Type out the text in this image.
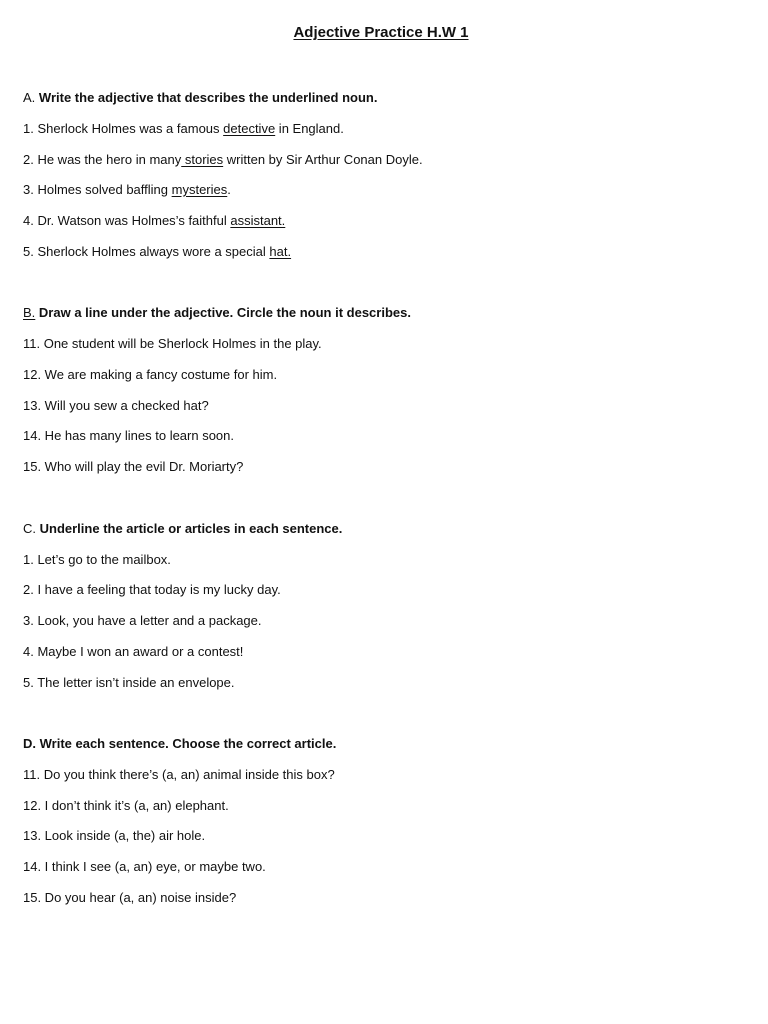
Adjective Practice H.W 1

A. Write the adjective that describes the underlined noun.

1. Sherlock Holmes was a famous detective in England.

2. He was the hero in many stories written by Sir Arthur Conan Doyle.

3. Holmes solved baffling mysteries.

4. Dr. Watson was Holmes’s faithful assistant.

5. Sherlock Holmes always wore a special hat.

B. Draw a line under the adjective. Circle the noun it describes.

11. One student will be Sherlock Holmes in the play.

12. We are making a fancy costume for him.

13. Will you sew a checked hat?

14. He has many lines to learn soon.

15. Who will play the evil Dr. Moriarty?

C. Underline the article or articles in each sentence.

1. Let’s go to the mailbox.

2. I have a feeling that today is my lucky day.

3. Look, you have a letter and a package.

4. Maybe I won an award or a contest!

5. The letter isn’t inside an envelope.

D. Write each sentence. Choose the correct article.

11. Do you think there’s (a, an) animal inside this box?

12. I don’t think it’s (a, an) elephant.

13. Look inside (a, the) air hole.

14. I think I see (a, an) eye, or maybe two.

15. Do you hear (a, an) noise inside?
